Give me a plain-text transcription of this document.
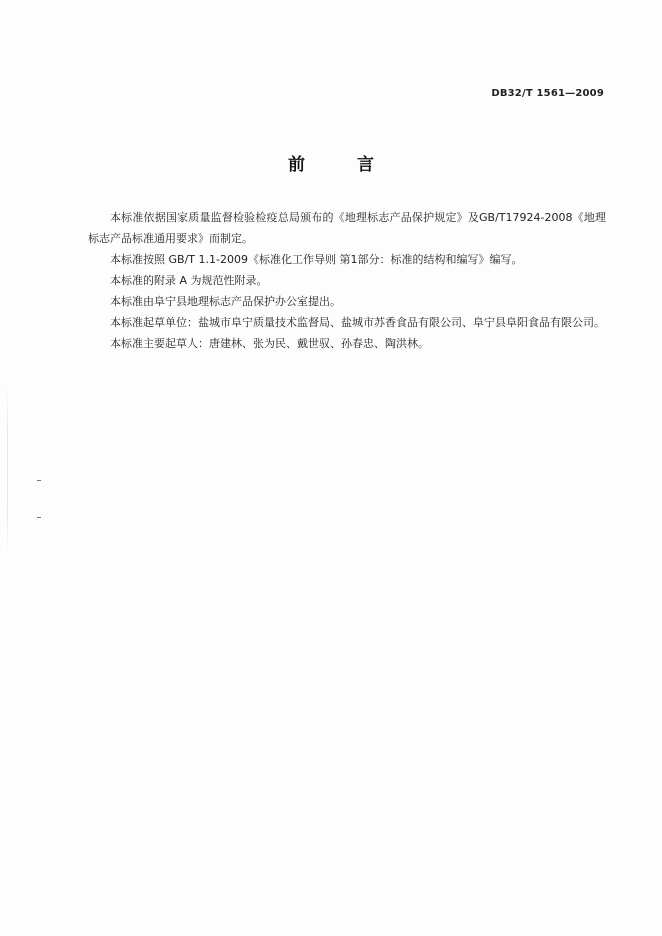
DB32/T 1561—2009
前言

本标准依据国家质量监督检验检疫总局颁布的《地理标志产品保护规定》及GB/T17924-2008《地理标志产品标准通用要求》而制定。

本标准按照 GB/T 1.1-2009《标准化工作导则 第1部分：标准的结构和编写》编写。

本标准的附录 A 为规范性附录。

本标准由阜宁县地理标志产品保护办公室提出。

本标准起草单位：盐城市阜宁质量技术监督局、盐城市苏香食品有限公司、阜宁县阜阳食品有限公司。

本标准主要起草人：唐建林、张为民、戴世驭、孙春忠、陶洪林。
